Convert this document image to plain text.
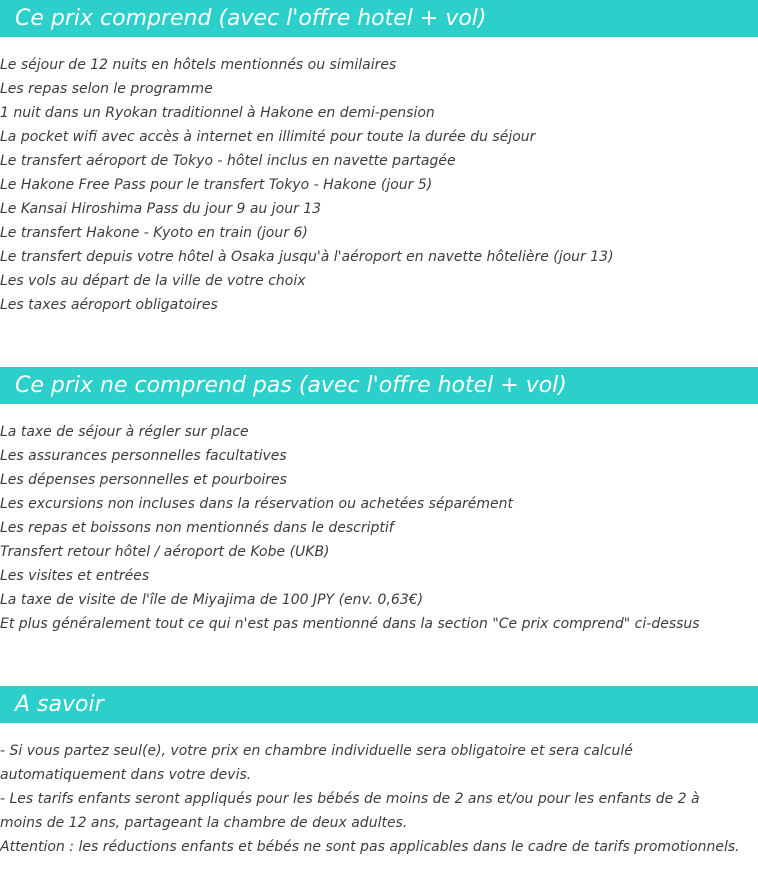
Ce prix comprend (avec l'offre hotel + vol)
Le séjour de 12 nuits en hôtels mentionnés ou similaires
Les repas selon le programme
1 nuit dans un Ryokan traditionnel à Hakone en demi-pension
La pocket wifi avec accès à internet en illimité pour toute la durée du séjour
Le transfert aéroport de Tokyo - hôtel inclus en navette partagée
Le Hakone Free Pass pour le transfert Tokyo - Hakone (jour 5)
Le Kansai Hiroshima Pass du jour 9 au jour 13
Le transfert Hakone - Kyoto en train (jour 6)
Le transfert depuis votre hôtel à Osaka jusqu'à l'aéroport en navette hôtelière (jour 13)
Les vols au départ de la ville de votre choix
Les taxes aéroport obligatoires
Ce prix ne comprend pas (avec l'offre hotel + vol)
La taxe de séjour à régler sur place
Les assurances personnelles facultatives
Les dépenses personnelles et pourboires
Les excursions non incluses dans la réservation ou achetées séparément
Les repas et boissons non mentionnés dans le descriptif
Transfert retour hôtel / aéroport de Kobe (UKB)
Les visites et entrées
La taxe de visite de l'île de Miyajima de 100 JPY (env. 0,63€)
Et plus généralement tout ce qui n'est pas mentionné dans la section "Ce prix comprend" ci-dessus
A savoir

- Si vous partez seul(e), votre prix en chambre individuelle sera obligatoire et sera calculé automatiquement dans votre devis.

- Les tarifs enfants seront appliqués pour les bébés de moins de 2 ans et/ou pour les enfants de 2 à moins de 12 ans, partageant la chambre de deux adultes.

Attention : les réductions enfants et bébés ne sont pas applicables dans le cadre de tarifs promotionnels.
